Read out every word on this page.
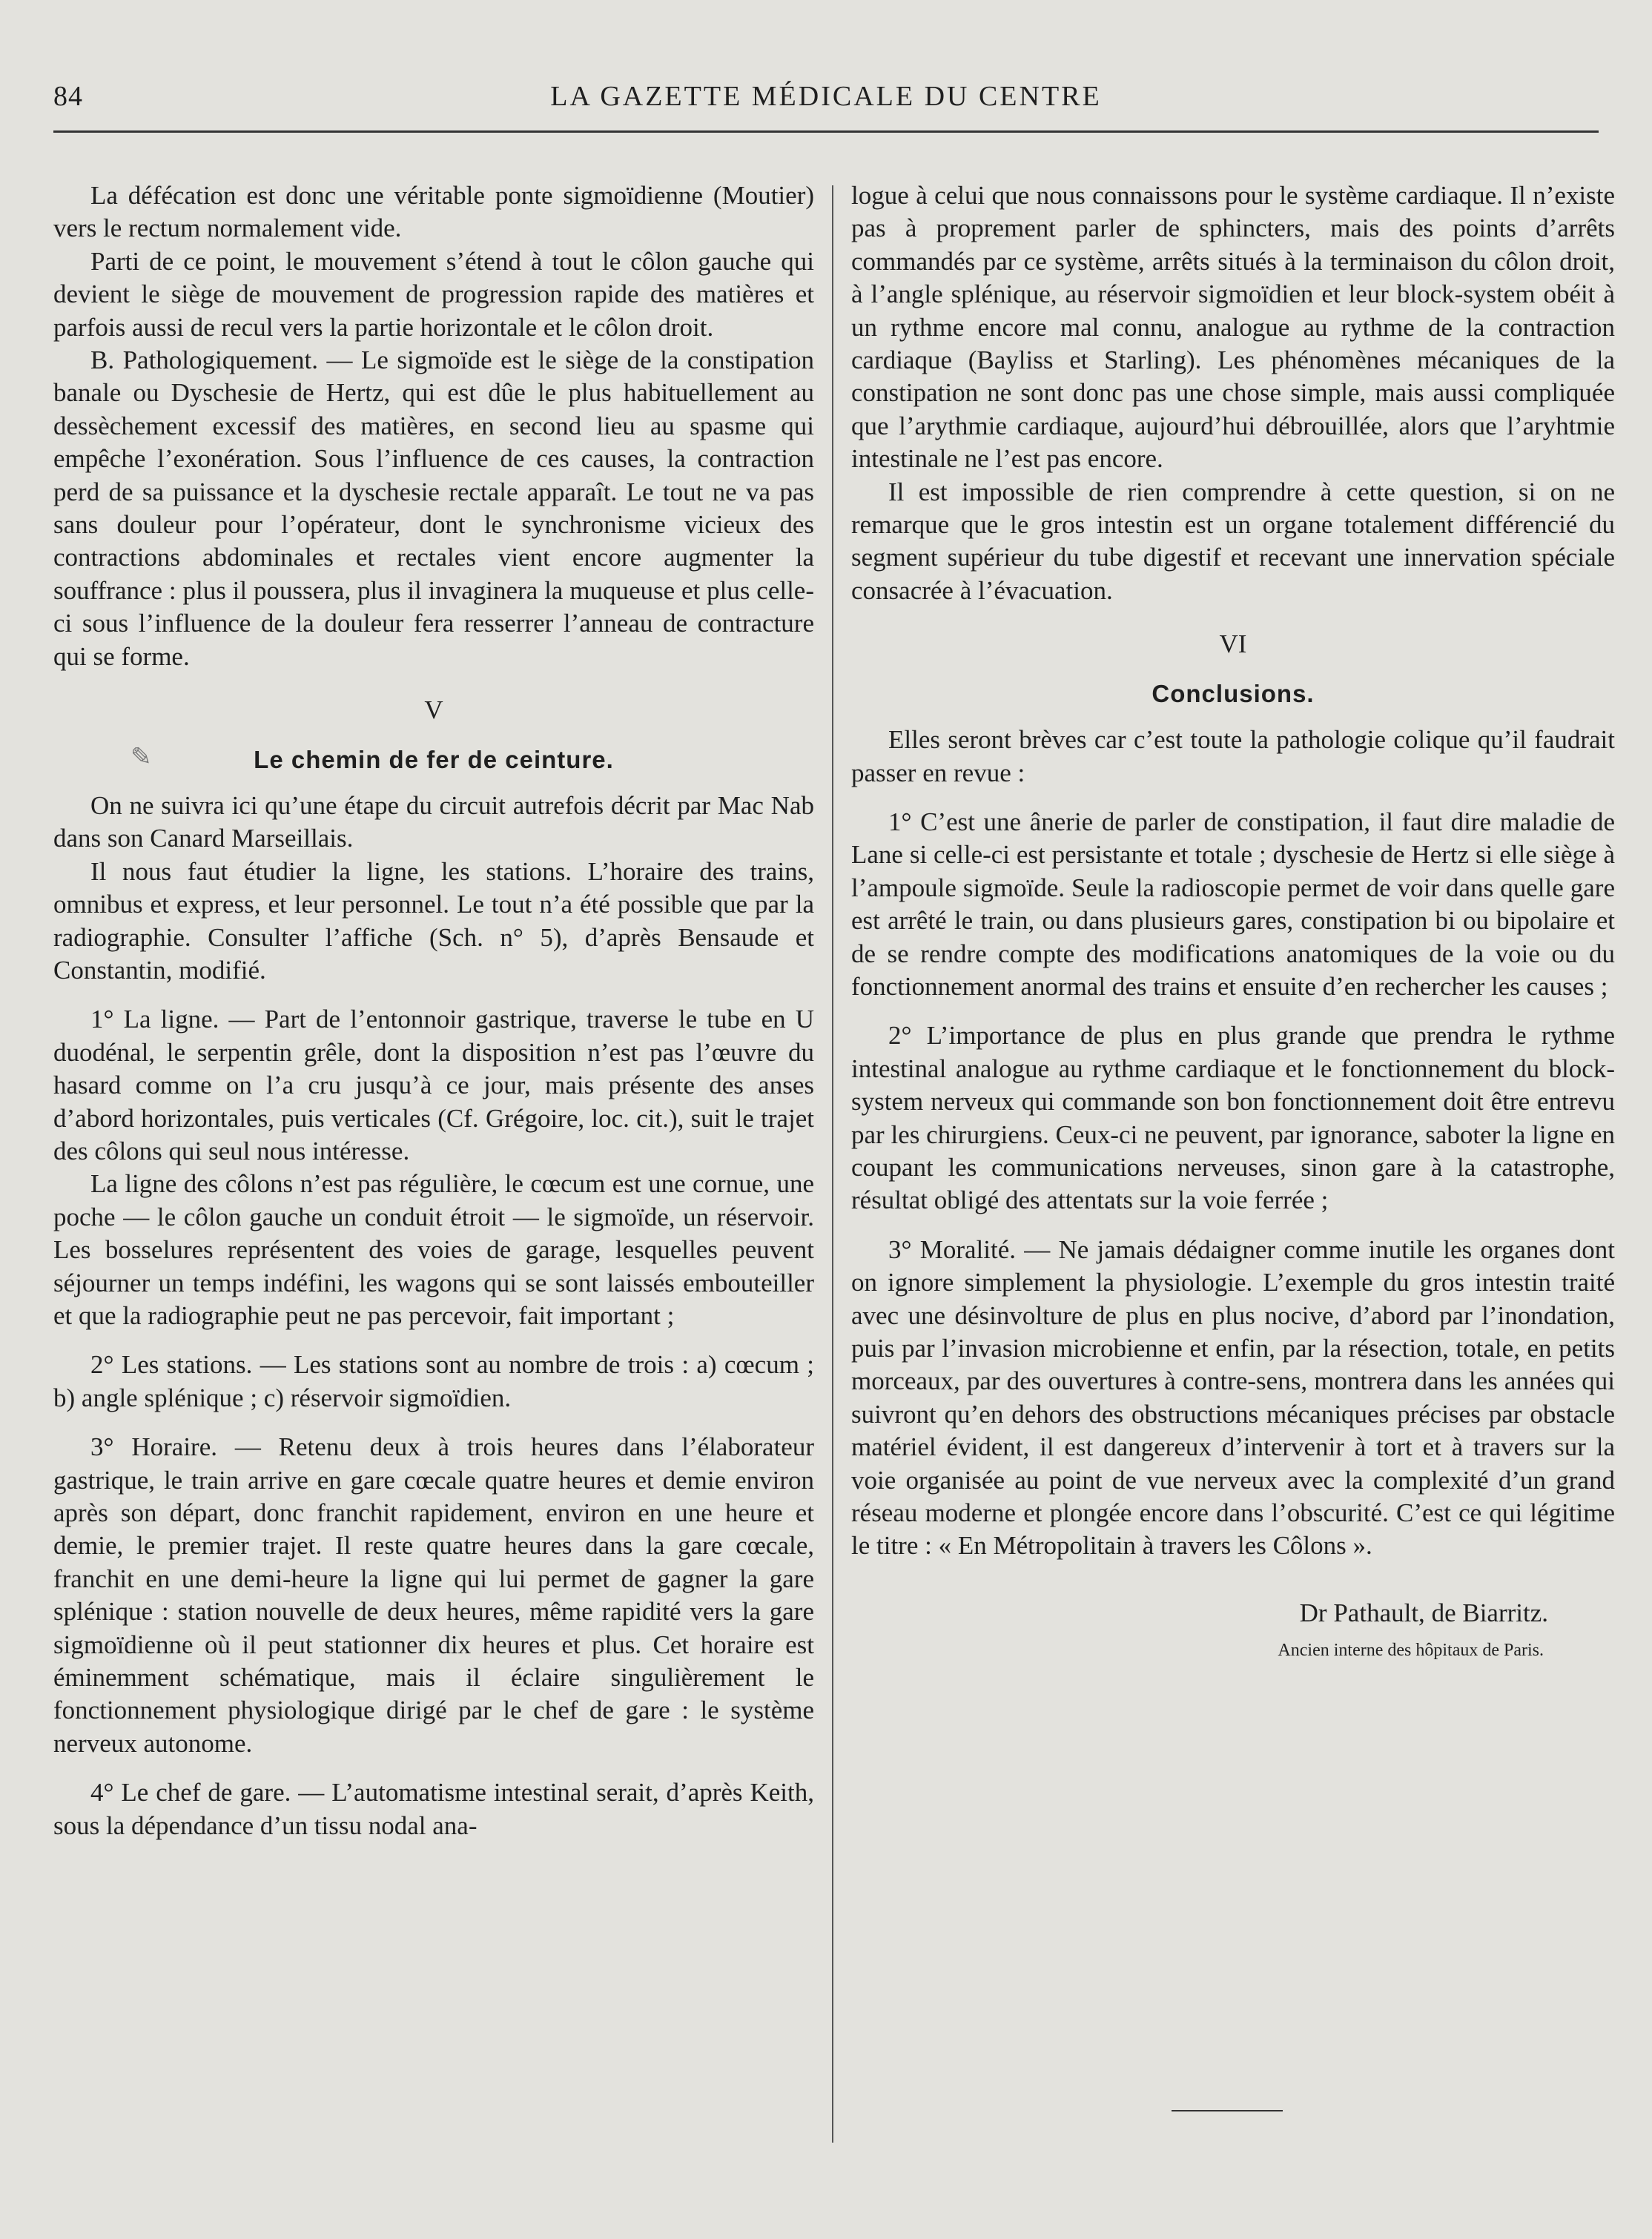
84	LA GAZETTE MÉDICALE DU CENTRE

La défécation est donc une véritable ponte sigmoïdienne (Moutier) vers le rectum normalement vide.

Parti de ce point, le mouvement s’étend à tout le côlon gauche qui devient le siège de mouvement de progression rapide des matières et parfois aussi de recul vers la partie horizontale et le côlon droit.

B. Pathologiquement. — Le sigmoïde est le siège de la constipation banale ou Dyschesie de Hertz, qui est dûe le plus habituellement au dessèchement excessif des matières, en second lieu au spasme qui empêche l’exonération. Sous l’influence de ces causes, la contraction perd de sa puissance et la dyschesie rectale apparaît. Le tout ne va pas sans douleur pour l’opérateur, dont le synchronisme vicieux des contractions abdominales et rectales vient encore augmenter la souffrance : plus il poussera, plus il invaginera la muqueuse et plus celle-ci sous l’influence de la douleur fera resserrer l’anneau de contracture qui se forme.

V
✎	Le chemin de fer de ceinture.

On ne suivra ici qu’une étape du circuit autrefois décrit par Mac Nab dans son Canard Marseillais.

Il nous faut étudier la ligne, les stations. L’horaire des trains, omnibus et express, et leur personnel. Le tout n’a été possible que par la radiographie. Consulter l’affiche (Sch. n° 5), d’après Bensaude et Constantin, modifié.

1° La ligne. — Part de l’entonnoir gastrique, traverse le tube en U duodénal, le serpentin grêle, dont la disposition n’est pas l’œuvre du hasard comme on l’a cru jusqu’à ce jour, mais présente des anses d’abord horizontales, puis verticales (Cf. Grégoire, loc. cit.), suit le trajet des côlons qui seul nous intéresse.

La ligne des côlons n’est pas régulière, le cœcum est une cornue, une poche — le côlon gauche un conduit étroit — le sigmoïde, un réservoir. Les bosselures représentent des voies de garage, lesquelles peuvent séjourner un temps indéfini, les wagons qui se sont laissés embouteiller et que la radiographie peut ne pas percevoir, fait important ;

2° Les stations. — Les stations sont au nombre de trois : a) cœcum ; b) angle splénique ; c) réservoir sigmoïdien.

3° Horaire. — Retenu deux à trois heures dans l’élaborateur gastrique, le train arrive en gare cœcale quatre heures et demie environ après son départ, donc franchit rapidement, environ en une heure et demie, le premier trajet. Il reste quatre heures dans la gare cœcale, franchit en une demi-heure la ligne qui lui permet de gagner la gare splénique : station nouvelle de deux heures, même rapidité vers la gare sigmoïdienne où il peut stationner dix heures et plus. Cet horaire est éminemment schématique, mais il éclaire singulièrement le fonctionnement physiologique dirigé par le chef de gare : le système nerveux autonome.

4° Le chef de gare. — L’automatisme intestinal serait, d’après Keith, sous la dépendance d’un tissu nodal ana-

logue à celui que nous connaissons pour le système cardiaque. Il n’existe pas à proprement parler de sphincters, mais des points d’arrêts commandés par ce système, arrêts situés à la terminaison du côlon droit, à l’angle splénique, au réservoir sigmoïdien et leur block-system obéit à un rythme encore mal connu, analogue au rythme de la contraction cardiaque (Bayliss et Starling). Les phénomènes mécaniques de la constipation ne sont donc pas une chose simple, mais aussi compliquée que l’arythmie cardiaque, aujourd’hui débrouillée, alors que l’aryhtmie intestinale ne l’est pas encore.

Il est impossible de rien comprendre à cette question, si on ne remarque que le gros intestin est un organe totalement différencié du segment supérieur du tube digestif et recevant une innervation spéciale consacrée à l’évacuation.

VI
Conclusions.

Elles seront brèves car c’est toute la pathologie colique qu’il faudrait passer en revue :

1° C’est une ânerie de parler de constipation, il faut dire maladie de Lane si celle-ci est persistante et totale ; dyschesie de Hertz si elle siège à l’ampoule sigmoïde. Seule la radioscopie permet de voir dans quelle gare est arrêté le train, ou dans plusieurs gares, constipation bi ou bipolaire et de se rendre compte des modifications anatomiques de la voie ou du fonctionnement anormal des trains et ensuite d’en rechercher les causes ;

2° L’importance de plus en plus grande que prendra le rythme intestinal analogue au rythme cardiaque et le fonctionnement du block-system nerveux qui commande son bon fonctionnement doit être entrevu par les chirurgiens. Ceux-ci ne peuvent, par ignorance, saboter la ligne en coupant les communications nerveuses, sinon gare à la catastrophe, résultat obligé des attentats sur la voie ferrée ;

3° Moralité. — Ne jamais dédaigner comme inutile les organes dont on ignore simplement la physiologie. L’exemple du gros intestin traité avec une désinvolture de plus en plus nocive, d’abord par l’inondation, puis par l’invasion microbienne et enfin, par la résection, totale, en petits morceaux, par des ouvertures à contre-sens, montrera dans les années qui suivront qu’en dehors des obstructions mécaniques précises par obstacle matériel évident, il est dangereux d’intervenir à tort et à travers sur la voie organisée au point de vue nerveux avec la complexité d’un grand réseau moderne et plongée encore dans l’obscurité. C’est ce qui légitime le titre : « En Métropolitain à travers les Côlons ».

Dr Pathault, de Biarritz.
Ancien interne des hôpitaux de Paris.
